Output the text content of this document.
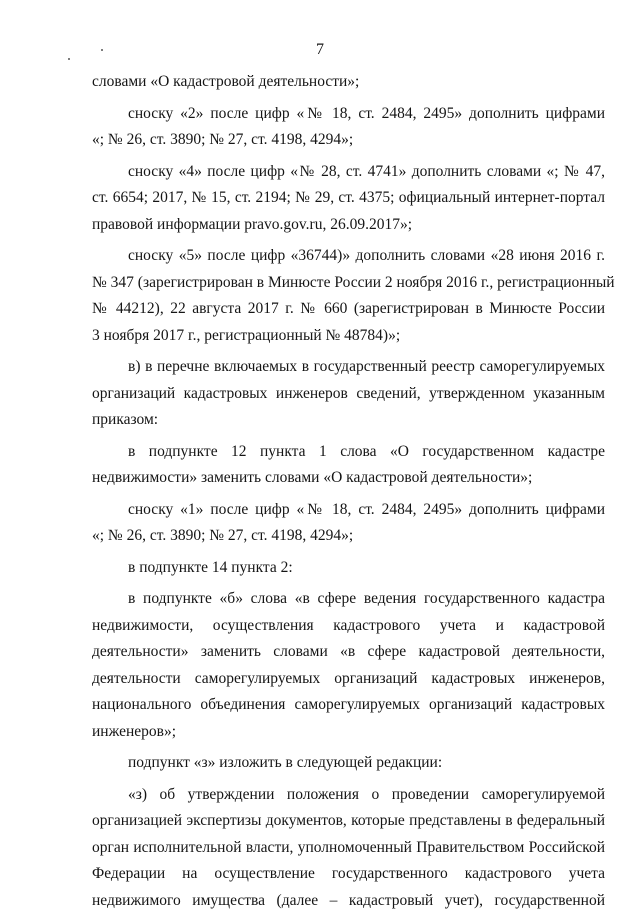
7
словами «О кадастровой деятельности»;
сноску «2» после цифр «№ 18, ст. 2484, 2495» дополнить цифрами
«; № 26, ст. 3890; № 27, ст. 4198, 4294»;
сноску «4» после цифр «№ 28, ст. 4741» дополнить словами «; № 47,
ст. 6654; 2017, № 15, ст. 2194; № 29, ст. 4375; официальный интернет-портал
правовой информации pravo.gov.ru, 26.09.2017»;
сноску «5» после цифр «36744)» дополнить словами «28 июня 2016 г.
№ 347 (зарегистрирован в Минюсте России 2 ноября 2016 г., регистрационный
№ 44212), 22 августа 2017 г. № 660 (зарегистрирован в Минюсте России
3 ноября 2017 г., регистрационный № 48784)»;
в) в перечне включаемых в государственный реестр саморегулируемых
организаций кадастровых инженеров сведений, утвержденном указанным
приказом:
в подпункте 12 пункта 1 слова «О государственном кадастре
недвижимости» заменить словами «О кадастровой деятельности»;
сноску «1» после цифр «№ 18, ст. 2484, 2495» дополнить цифрами
«; № 26, ст. 3890; № 27, ст. 4198, 4294»;
в подпункте 14 пункта 2:
в подпункте «б» слова «в сфере ведения государственного кадастра
недвижимости, осуществления кадастрового учета и кадастровой
деятельности» заменить словами «в сфере кадастровой деятельности,
деятельности саморегулируемых организаций кадастровых инженеров,
национального объединения саморегулируемых организаций кадастровых
инженеров»;
подпункт «з» изложить в следующей редакции:
«з) об утверждении положения о проведении саморегулируемой
организацией экспертизы документов, которые представлены в федеральный
орган исполнительной власти, уполномоченный Правительством Российской
Федерации на осуществление государственного кадастрового учета
недвижимого имущества (далее – кадастровый учет), государственной
